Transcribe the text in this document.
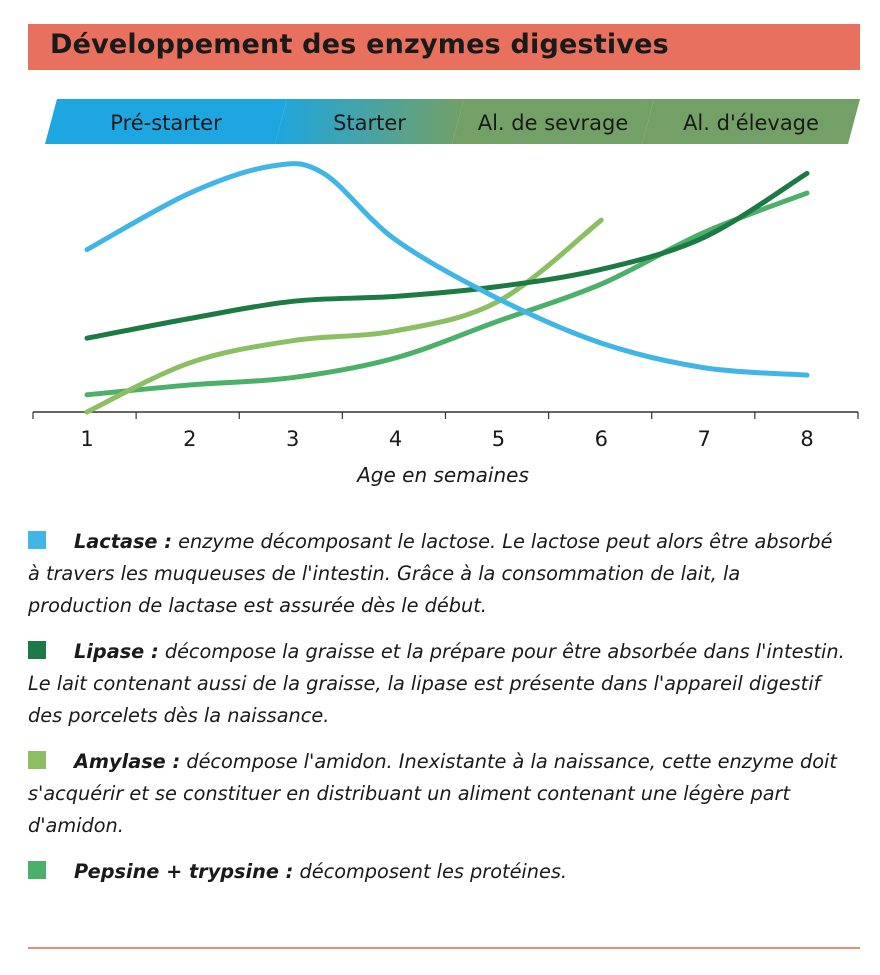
Développement des enzymes digestives
Pré-starter	Starter	Al. de sevrage	Al. d'élevage
1	2	3	4	5	6	7	8
Age en semaines
Lactase : enzyme décomposant le lactose. Le lactose peut alors être absorbé à travers les muqueuses de l'intestin. Grâce à la consommation de lait, la production de lactase est assurée dès le début.
Lipase : décompose la graisse et la prépare pour être absorbée dans l'intestin. Le lait contenant aussi de la graisse, la lipase est présente dans l'appareil digestif des porcelets dès la naissance.
Amylase : décompose l'amidon. Inexistante à la naissance, cette enzyme doit s'acquérir et se constituer en distribuant un aliment contenant une légère part d'amidon.
Pepsine + trypsine : décomposent les protéines.
